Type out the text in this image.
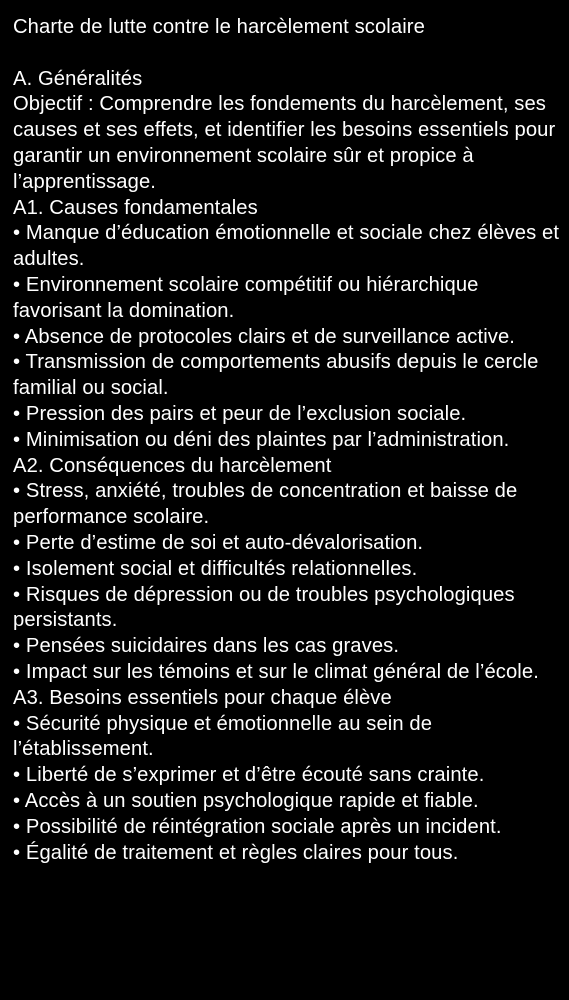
Charte de lutte contre le harcèlement scolaire

A. Généralités

Objectif : Comprendre les fondements du harcèlement, ses causes et ses effets, et identifier les besoins essentiels pour garantir un environnement scolaire sûr et propice à l’apprentissage.

A1. Causes fondamentales

• Manque d’éducation émotionnelle et sociale chez élèves et adultes.
• Environnement scolaire compétitif ou hiérarchique favorisant la domination.
• Absence de protocoles clairs et de surveillance active.
• Transmission de comportements abusifs depuis le cercle familial ou social.
• Pression des pairs et peur de l’exclusion sociale.
• Minimisation ou déni des plaintes par l’administration.

A2. Conséquences du harcèlement

• Stress, anxiété, troubles de concentration et baisse de performance scolaire.
• Perte d’estime de soi et auto-dévalorisation.
• Isolement social et difficultés relationnelles.
• Risques de dépression ou de troubles psychologiques persistants.
• Pensées suicidaires dans les cas graves.
• Impact sur les témoins et sur le climat général de l’école.

A3. Besoins essentiels pour chaque élève

• Sécurité physique et émotionnelle au sein de l’établissement.
• Liberté de s’exprimer et d’être écouté sans crainte.
• Accès à un soutien psychologique rapide et fiable.
• Possibilité de réintégration sociale après un incident.
• Égalité de traitement et règles claires pour tous.
